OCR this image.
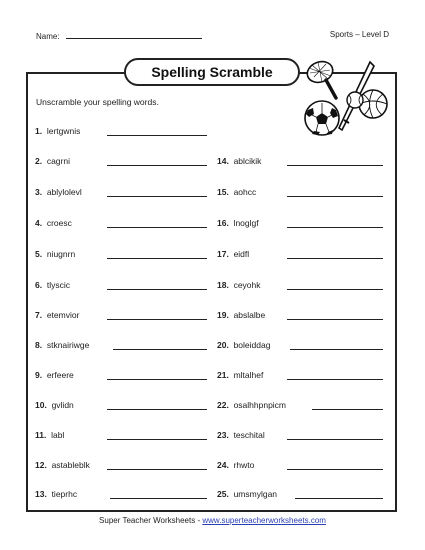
Name:	Sports – Level D
Spelling Scramble
Unscramble your spelling words.
1. lertgwnis
2. cagrni
3. ablylolevl
4. croesc
5. niugnrn
6. tlyscic
7. etemvior
8. stknairiwge
9. erfeere
10. gvlidn
11. labl
12. astableblk
13. tieprhc
14. ablcikik
15. aohcc
16. lnoglgf
17. eidfl
18. ceyohk
19. abslalbe
20. boleiddag
21. mltalhef
22. osalhhpnpicm
23. teschital
24. rhwto
25. umsmylgan
Super Teacher Worksheets - www.superteacherworksheets.com
